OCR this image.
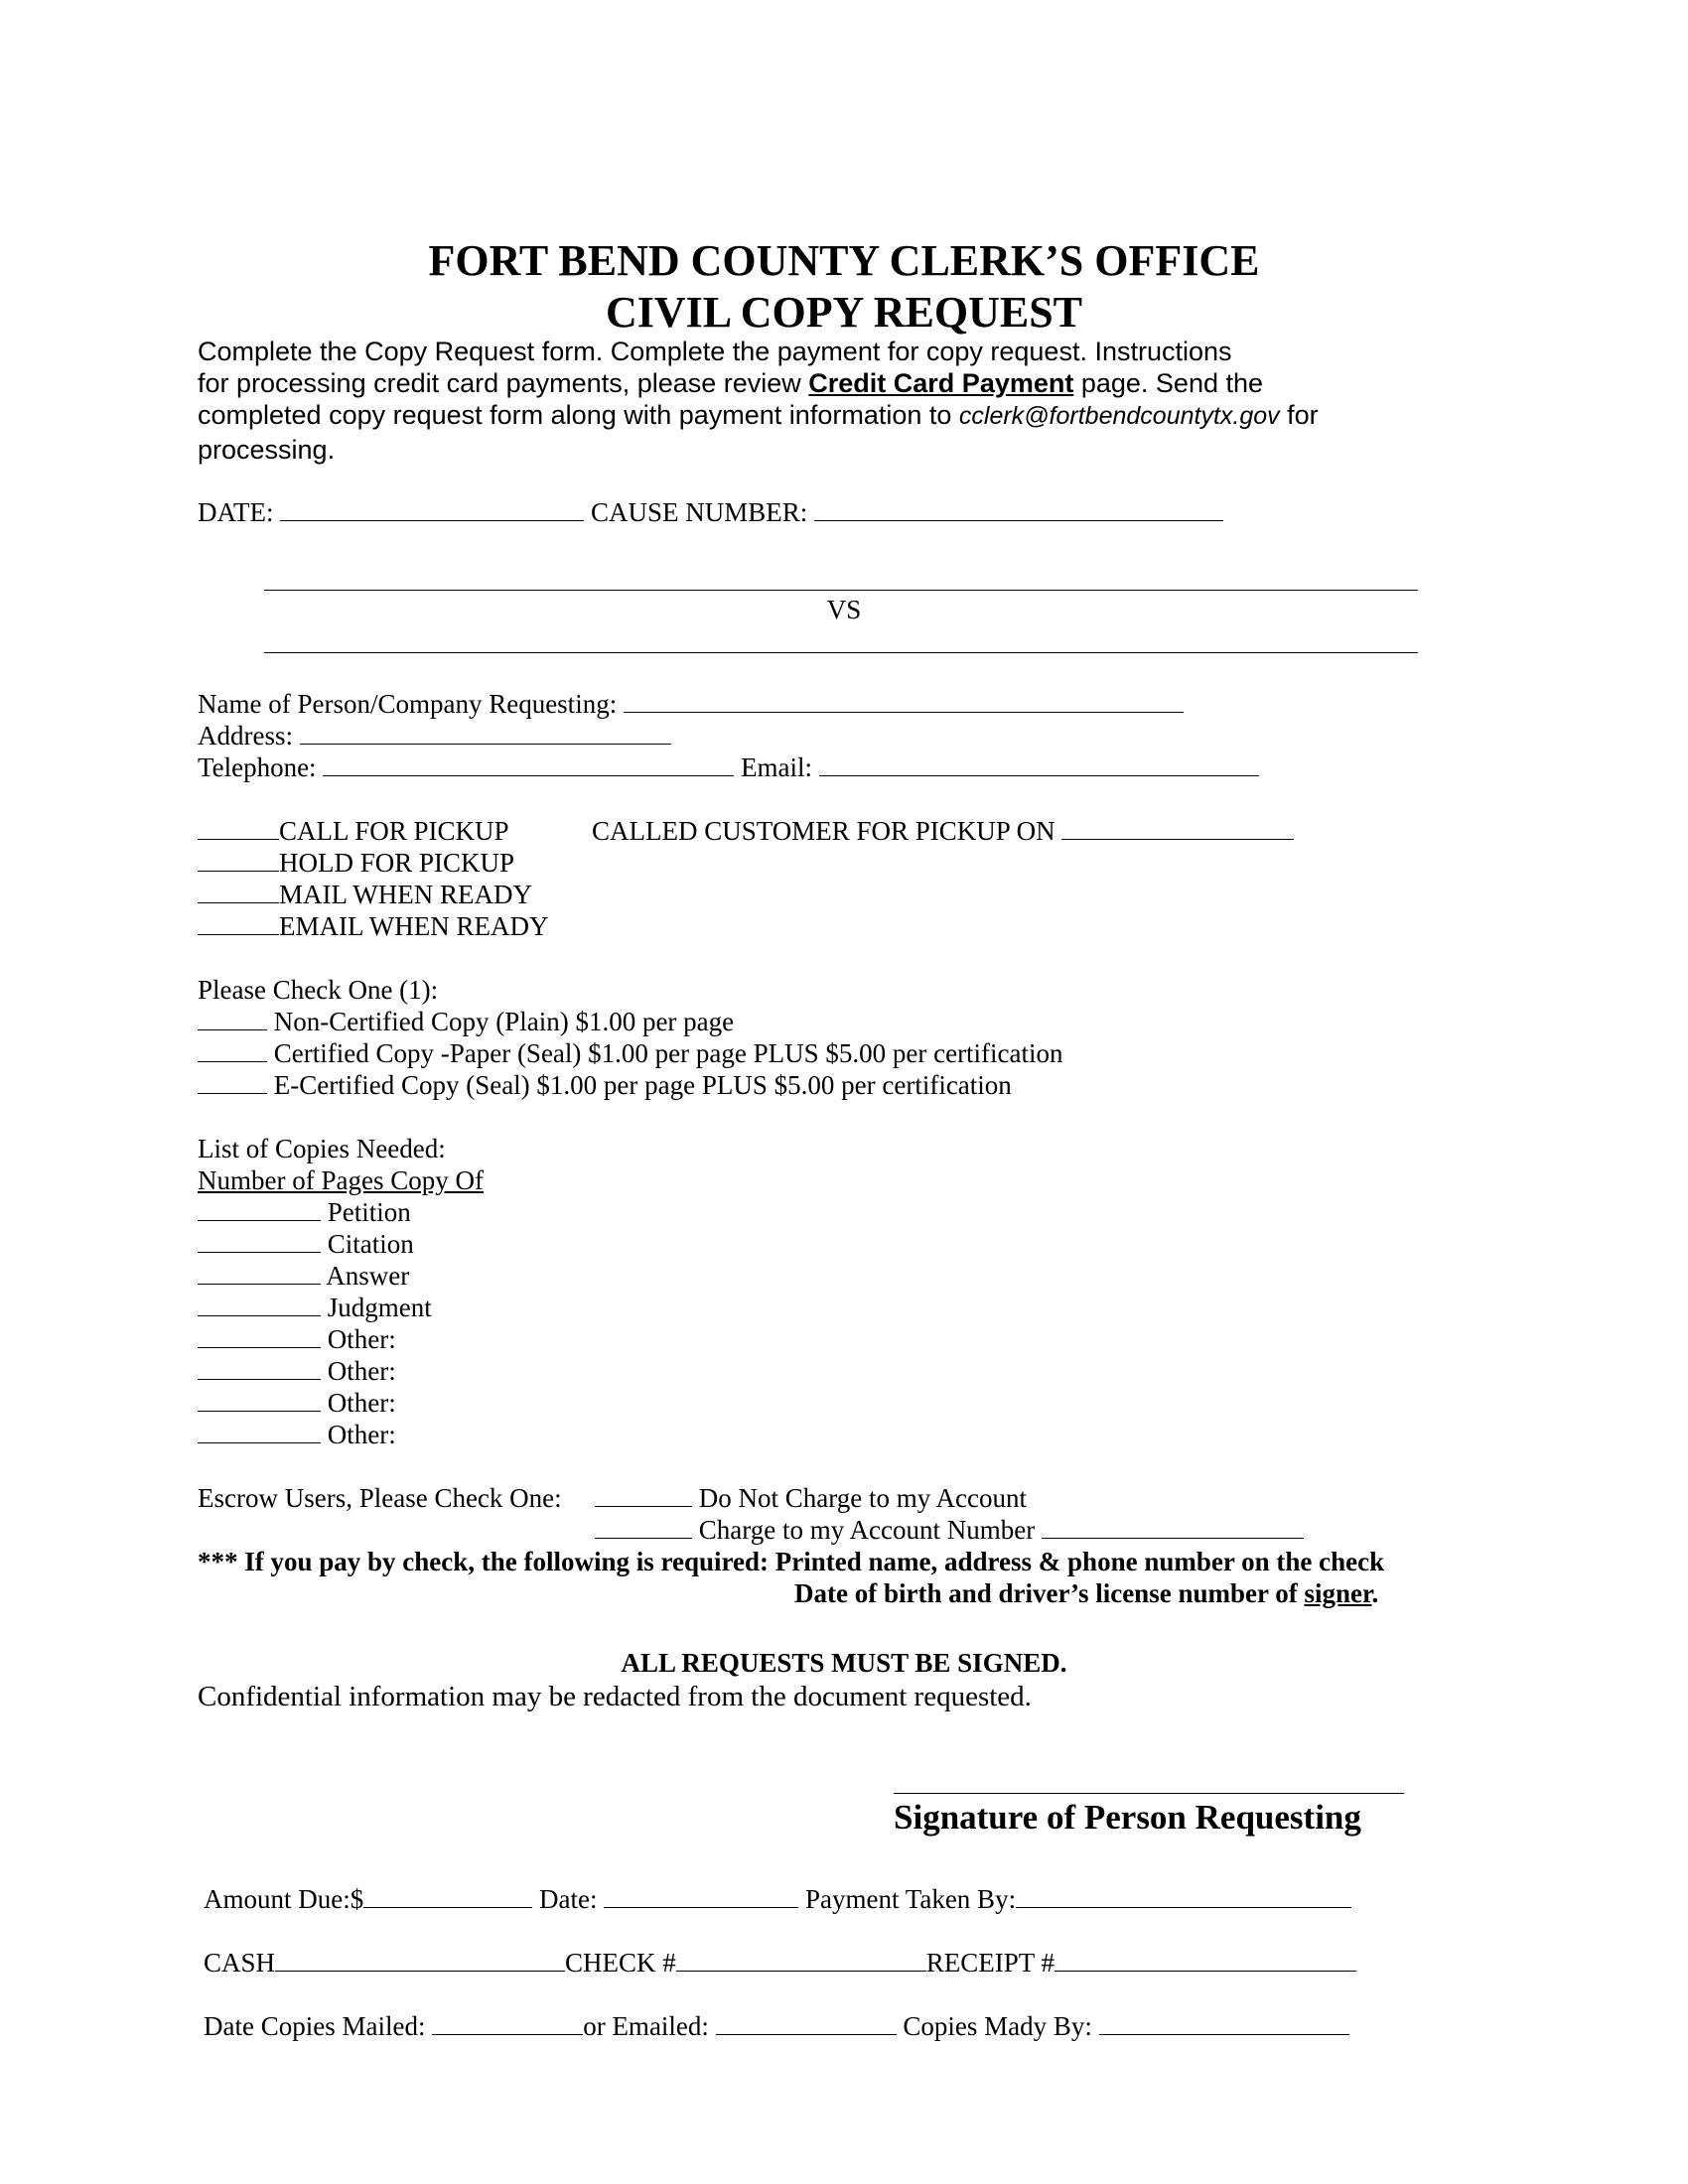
FORT BEND COUNTY CLERK’S OFFICE
CIVIL COPY REQUEST
Complete the Copy Request form. Complete the payment for copy request. Instructions
for processing credit card payments, please review Credit Card Payment page. Send the
completed copy request form along with payment information to cclerk@fortbendcountytx.gov for
processing.
DATE:	CAUSE NUMBER:
VS
Name of Person/Company Requesting:
Address:
Telephone:	Email:
CALL FOR PICKUP	CALLED CUSTOMER FOR PICKUP ON
HOLD FOR PICKUP
MAIL WHEN READY
EMAIL WHEN READY
Please Check One (1):
Non-Certified Copy (Plain) $1.00 per page
Certified Copy -Paper (Seal) $1.00 per page PLUS $5.00 per certification
E-Certified Copy (Seal) $1.00 per page PLUS $5.00 per certification
List of Copies Needed:
Number of Pages Copy Of
Petition
Citation
Answer
Judgment
Other:
Other:
Other:
Other:
Escrow Users, Please Check One:	Do Not Charge to my Account
Charge to my Account Number
*** If you pay by check, the following is required: Printed name, address & phone number on the check
Date of birth and driver’s license number of signer.
ALL REQUESTS MUST BE SIGNED.
Confidential information may be redacted from the document requested.
Signature of Person Requesting
Amount Due:$	Date:	Payment Taken By:
CASH	CHECK #	RECEIPT #
Date Copies Mailed:	or Emailed:	Copies Mady By:
